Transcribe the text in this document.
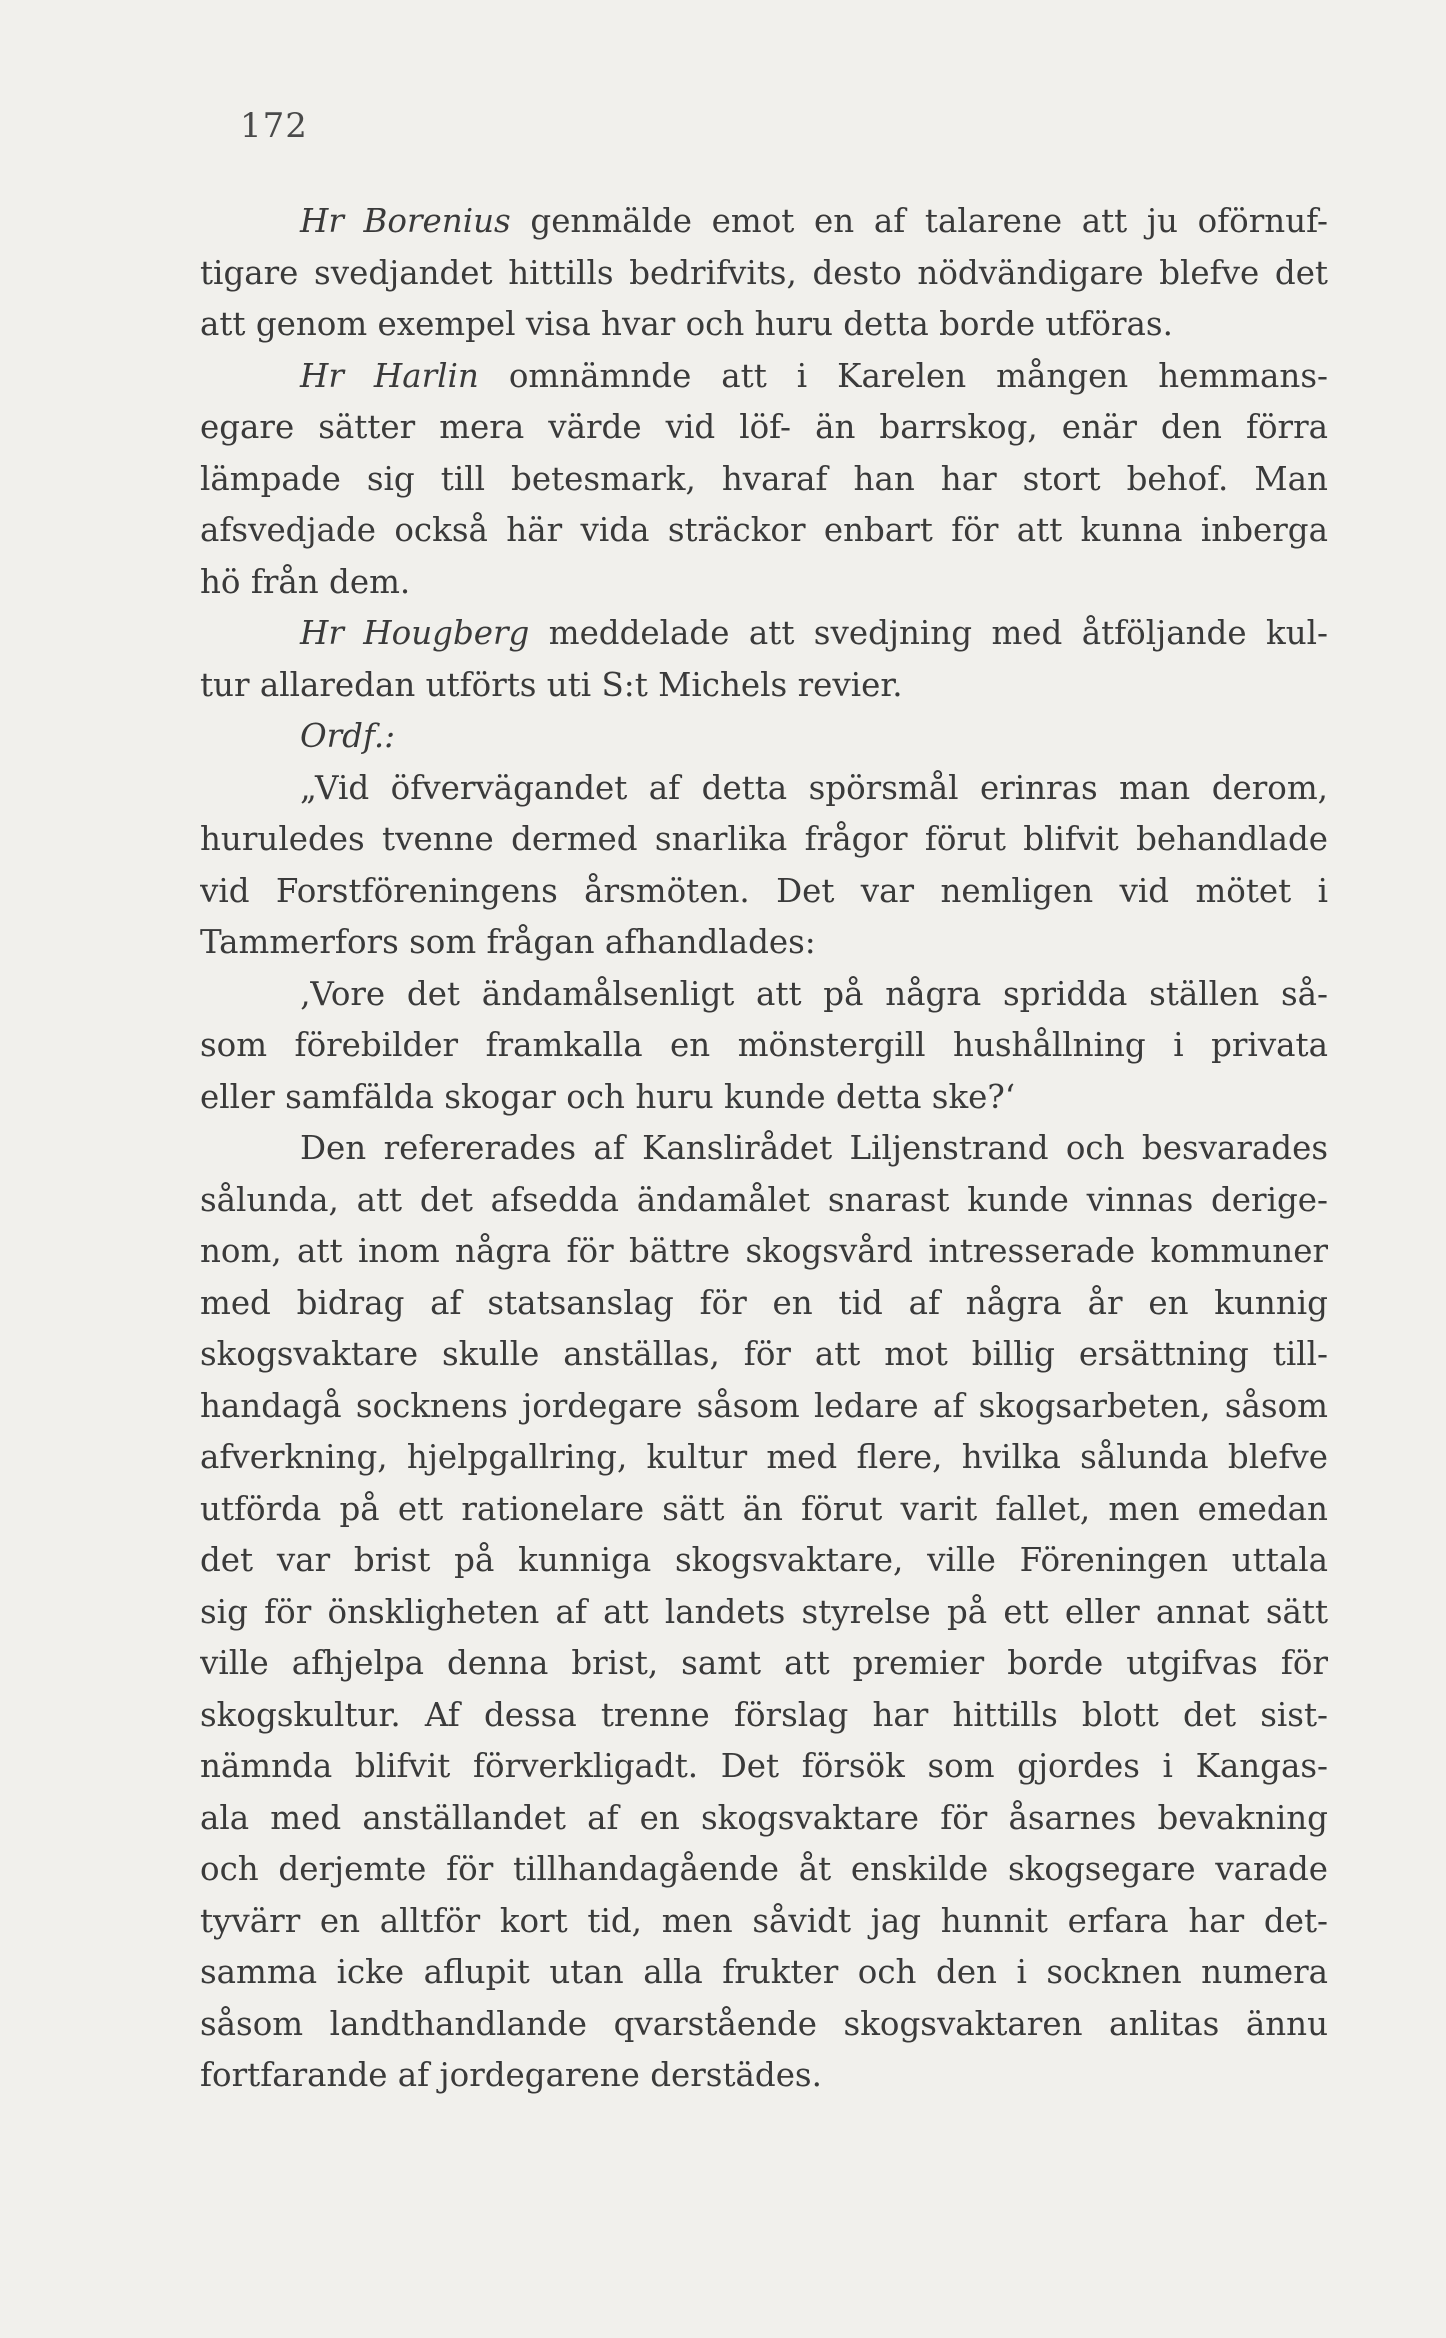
172
Hr Borenius genmälde emot en af talarene att ju oförnuf-
tigare svedjandet hittills bedrifvits, desto nödvändigare blefve det
att genom exempel visa hvar och huru detta borde utföras.
Hr Harlin omnämnde att i Karelen mången hemmans-
egare sätter mera värde vid löf- än barrskog, enär den förra
lämpade sig till betesmark, hvaraf han har stort behof. Man
afsvedjade också här vida sträckor enbart för att kunna inberga
hö från dem.
Hr Hougberg meddelade att svedjning med åtföljande kul-
tur allaredan utförts uti S:t Michels revier.
Ordf.:
„Vid öfvervägandet af detta spörsmål erinras man derom,
huruledes tvenne dermed snarlika frågor förut blifvit behandlade
vid Forstföreningens årsmöten. Det var nemligen vid mötet i
Tammerfors som frågan afhandlades:
‚Vore det ändamålsenligt att på några spridda ställen så-
som förebilder framkalla en mönstergill hushållning i privata
eller samfälda skogar och huru kunde detta ske?‘
Den refererades af Kanslirådet Liljenstrand och besvarades
sålunda, att det afsedda ändamålet snarast kunde vinnas derige-
nom, att inom några för bättre skogsvård intresserade kommuner
med bidrag af statsanslag för en tid af några år en kunnig
skogsvaktare skulle anställas, för att mot billig ersättning till-
handagå socknens jordegare såsom ledare af skogsarbeten, såsom
afverkning, hjelpgallring, kultur med flere, hvilka sålunda blefve
utförda på ett rationelare sätt än förut varit fallet, men emedan
det var brist på kunniga skogsvaktare, ville Föreningen uttala
sig för önskligheten af att landets styrelse på ett eller annat sätt
ville afhjelpa denna brist, samt att premier borde utgifvas för
skogskultur. Af dessa trenne förslag har hittills blott det sist-
nämnda blifvit förverkligadt. Det försök som gjordes i Kangas-
ala med anställandet af en skogsvaktare för åsarnes bevakning
och derjemte för tillhandagående åt enskilde skogsegare varade
tyvärr en alltför kort tid, men såvidt jag hunnit erfara har det-
samma icke aflupit utan alla frukter och den i socknen numera
såsom landthandlande qvarstående skogsvaktaren anlitas ännu
fortfarande af jordegarene derstädes.
